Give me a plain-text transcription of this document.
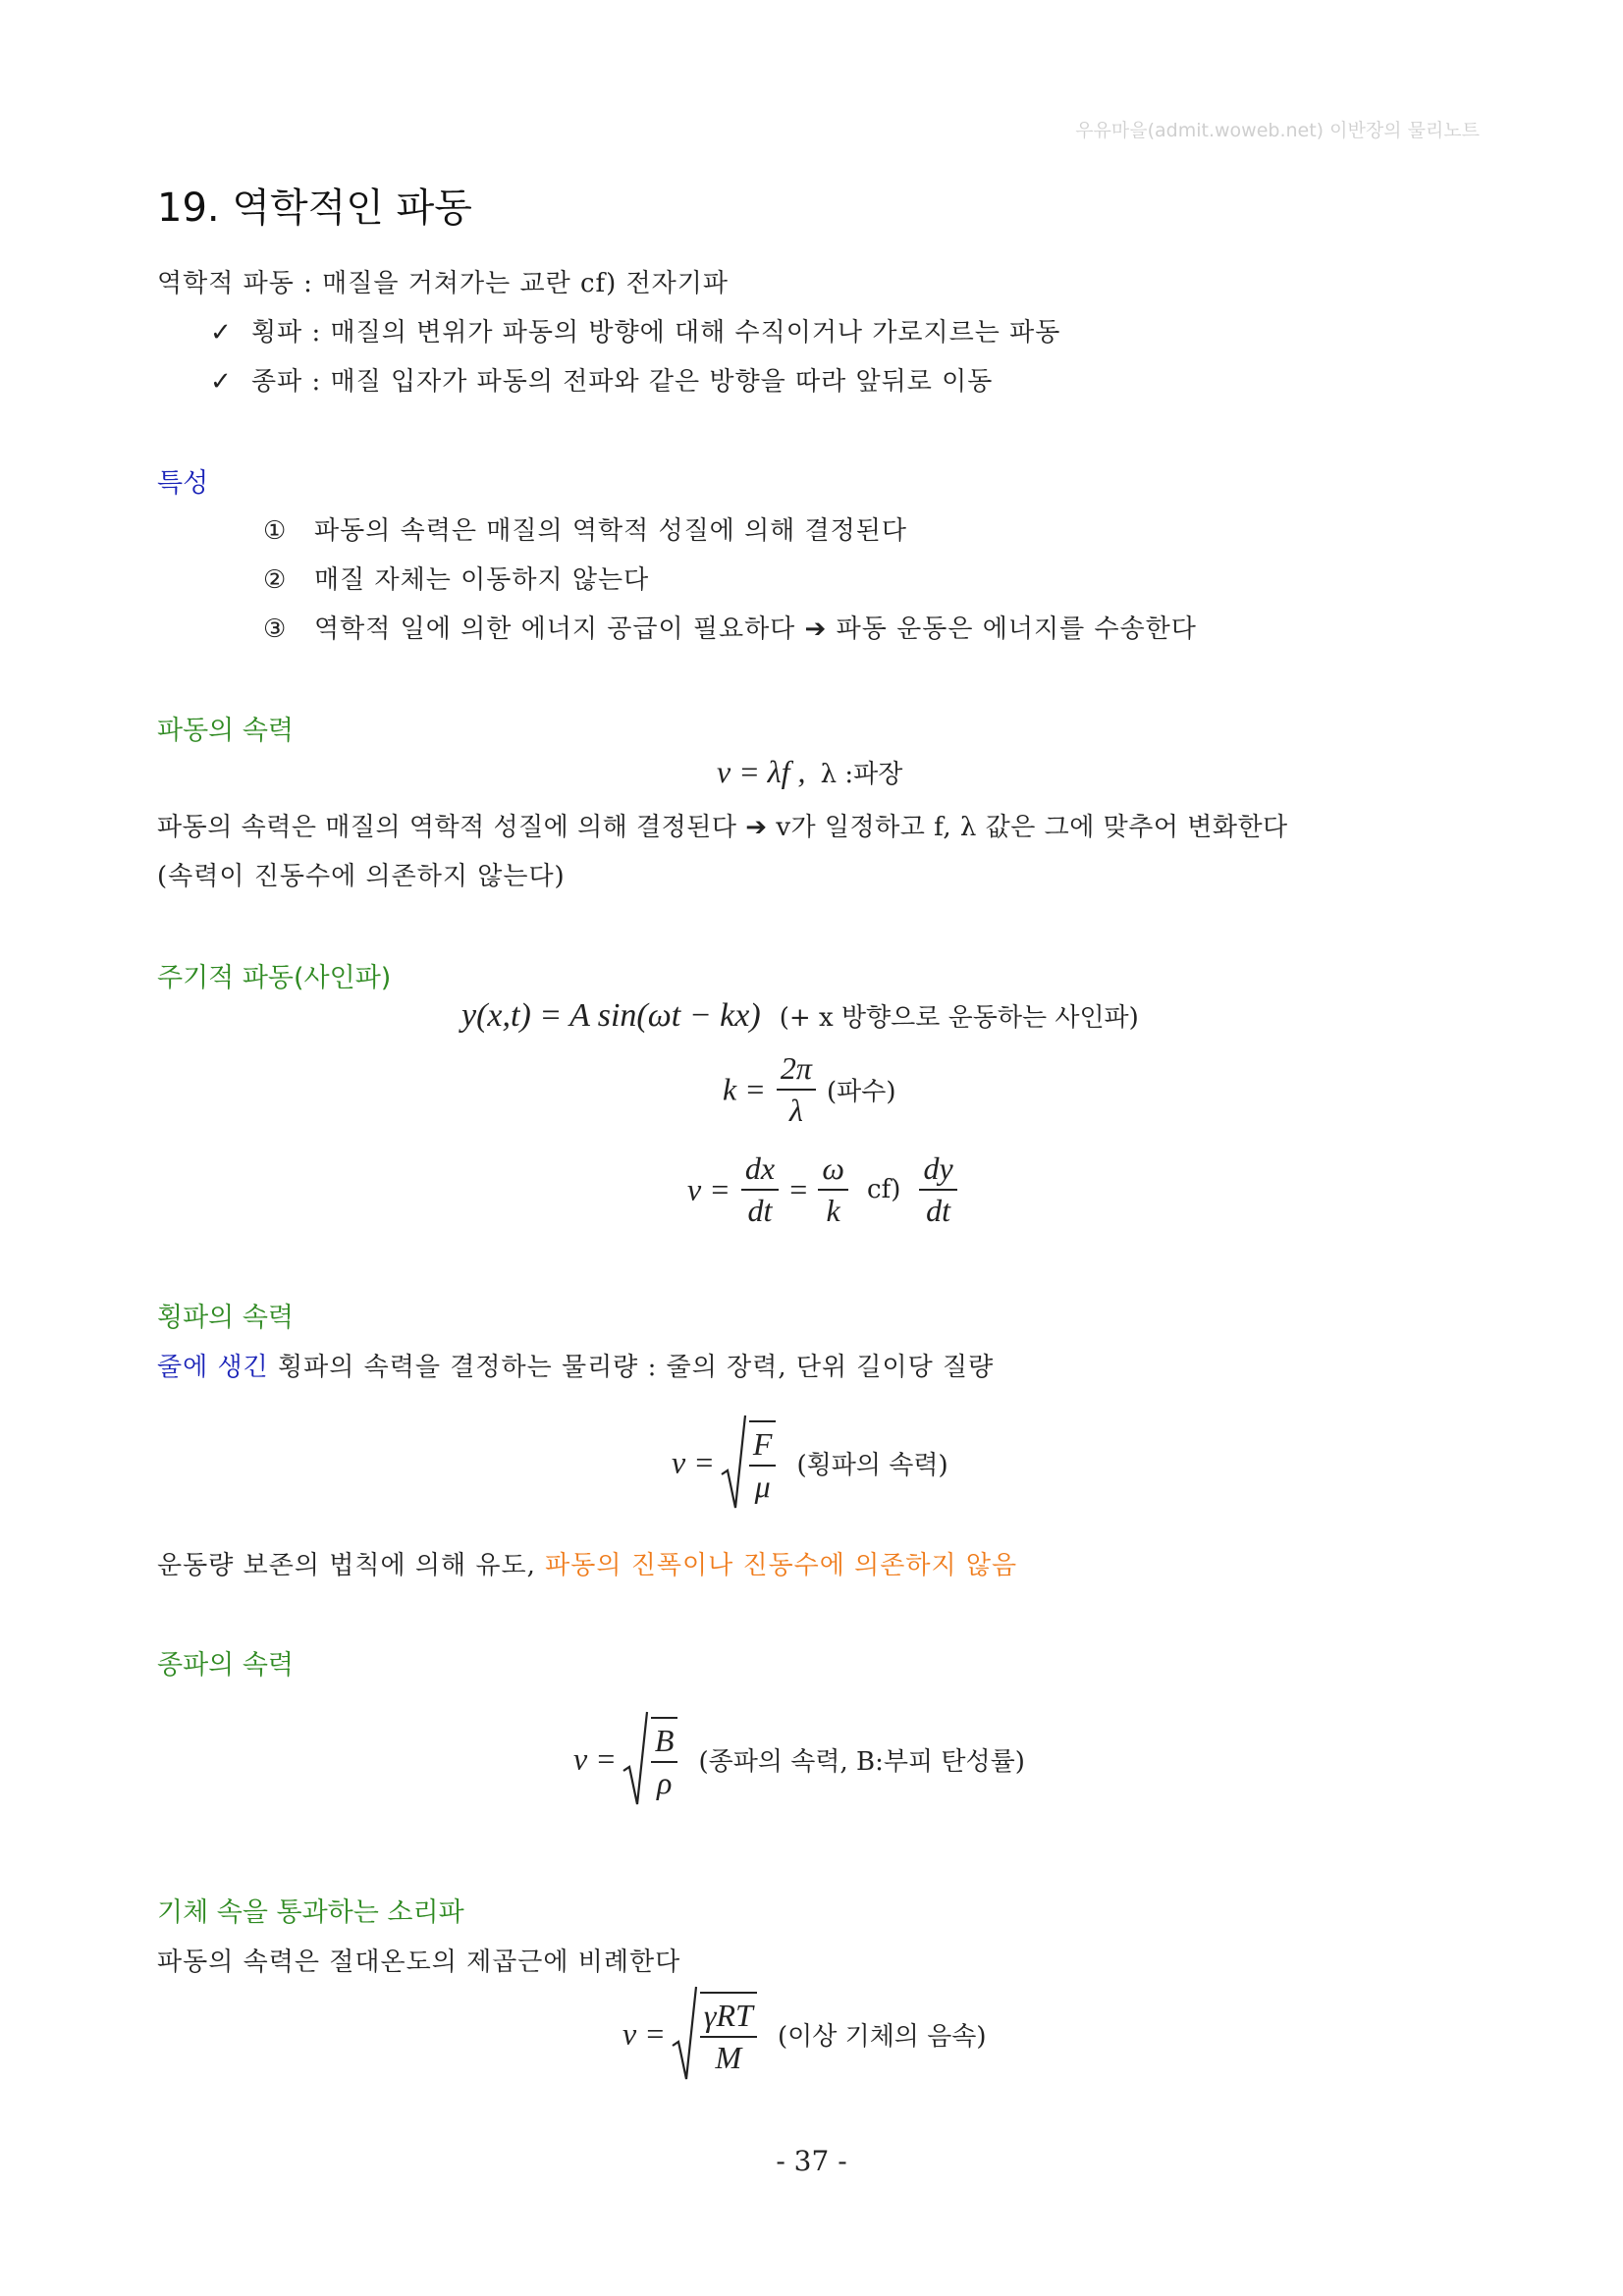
우유마을(admit.woweb.net) 이반장의 물리노트
19. 역학적인 파동
역학적 파동 : 매질을 거쳐가는 교란 cf) 전자기파
✓ 횡파 : 매질의 변위가 파동의 방향에 대해 수직이거나 가로지르는 파동
✓ 종파 : 매질 입자가 파동의 전파와 같은 방향을 따라 앞뒤로 이동
특성
① 파동의 속력은 매질의 역학적 성질에 의해 결정된다
② 매질 자체는 이동하지 않는다
③ 역학적 일에 의한 에너지 공급이 필요하다 ➔ 파동 운동은 에너지를 수송한다
파동의 속력
v = λf , λ :파장
파동의 속력은 매질의 역학적 성질에 의해 결정된다 ➔ v가 일정하고 f, λ 값은 그에 맞추어 변화한다
(속력이 진동수에 의존하지 않는다)
주기적 파동(사인파)
y(x,t) = A sin(ωt − kx) (+ x 방향으로 운동하는 사인파)
$k = \frac{2\pi}{\lambda}$ (파수)
$v = \frac{dx}{dt} = \frac{\omega}{k} cf) \frac{dy}{dt}$
횡파의 속력
줄에 생긴 횡파의 속력을 결정하는 물리량 : 줄의 장력, 단위 길이당 질량
$v = \frac{F}{\mu}$ (횡파의 속력)
운동량 보존의 법칙에 의해 유도, 파동의 진폭이나 진동수에 의존하지 않음
종파의 속력
$v = \frac{B}{\rho}$ (종파의 속력, B:부피 탄성률)
기체 속을 통과하는 소리파
파동의 속력은 절대온도의 제곱근에 비례한다
$v = \frac{\text{γRT}}{M}$ (이상 기체의 음속)
- 37 -
